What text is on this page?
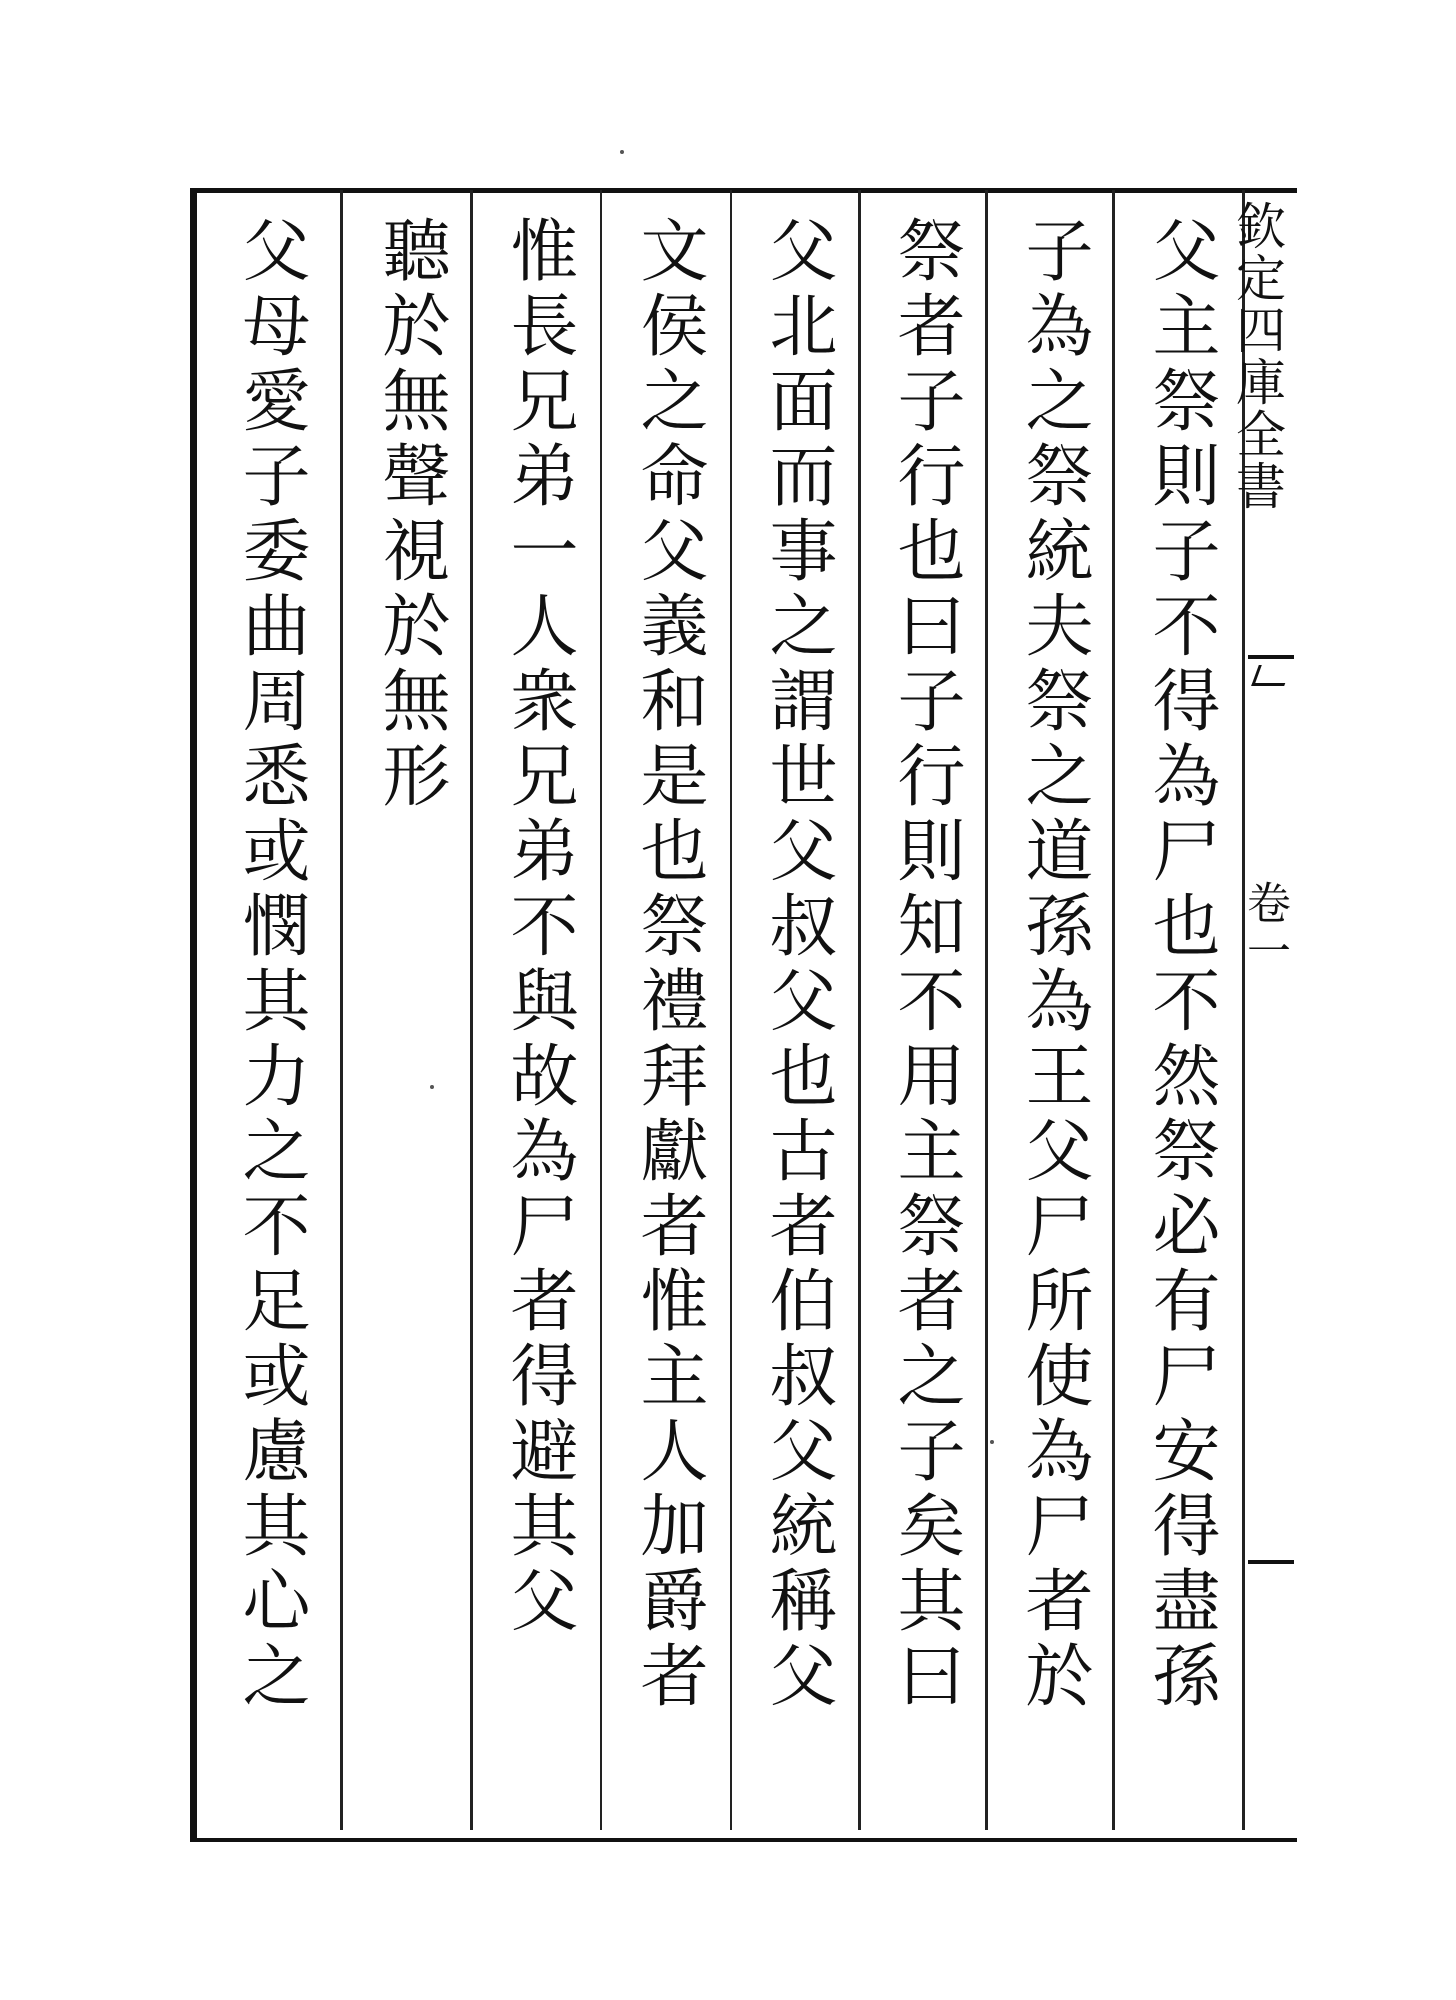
欽定四庫全書
卷一
父主祭則子不得為尸也不然祭必有尸安得盡孫
子為之祭統夫祭之道孫為王父尸所使為尸者於
祭者子行也曰子行則知不用主祭者之子矣其曰
父北面而事之謂世父叔父也古者伯叔父統稱父
文侯之命父義和是也祭禮拜獻者惟主人加爵者
惟長兄弟一人衆兄弟不與故為尸者得避其父
聽於無聲視於無形
父母愛子委曲周悉或憫其力之不足或慮其心之
